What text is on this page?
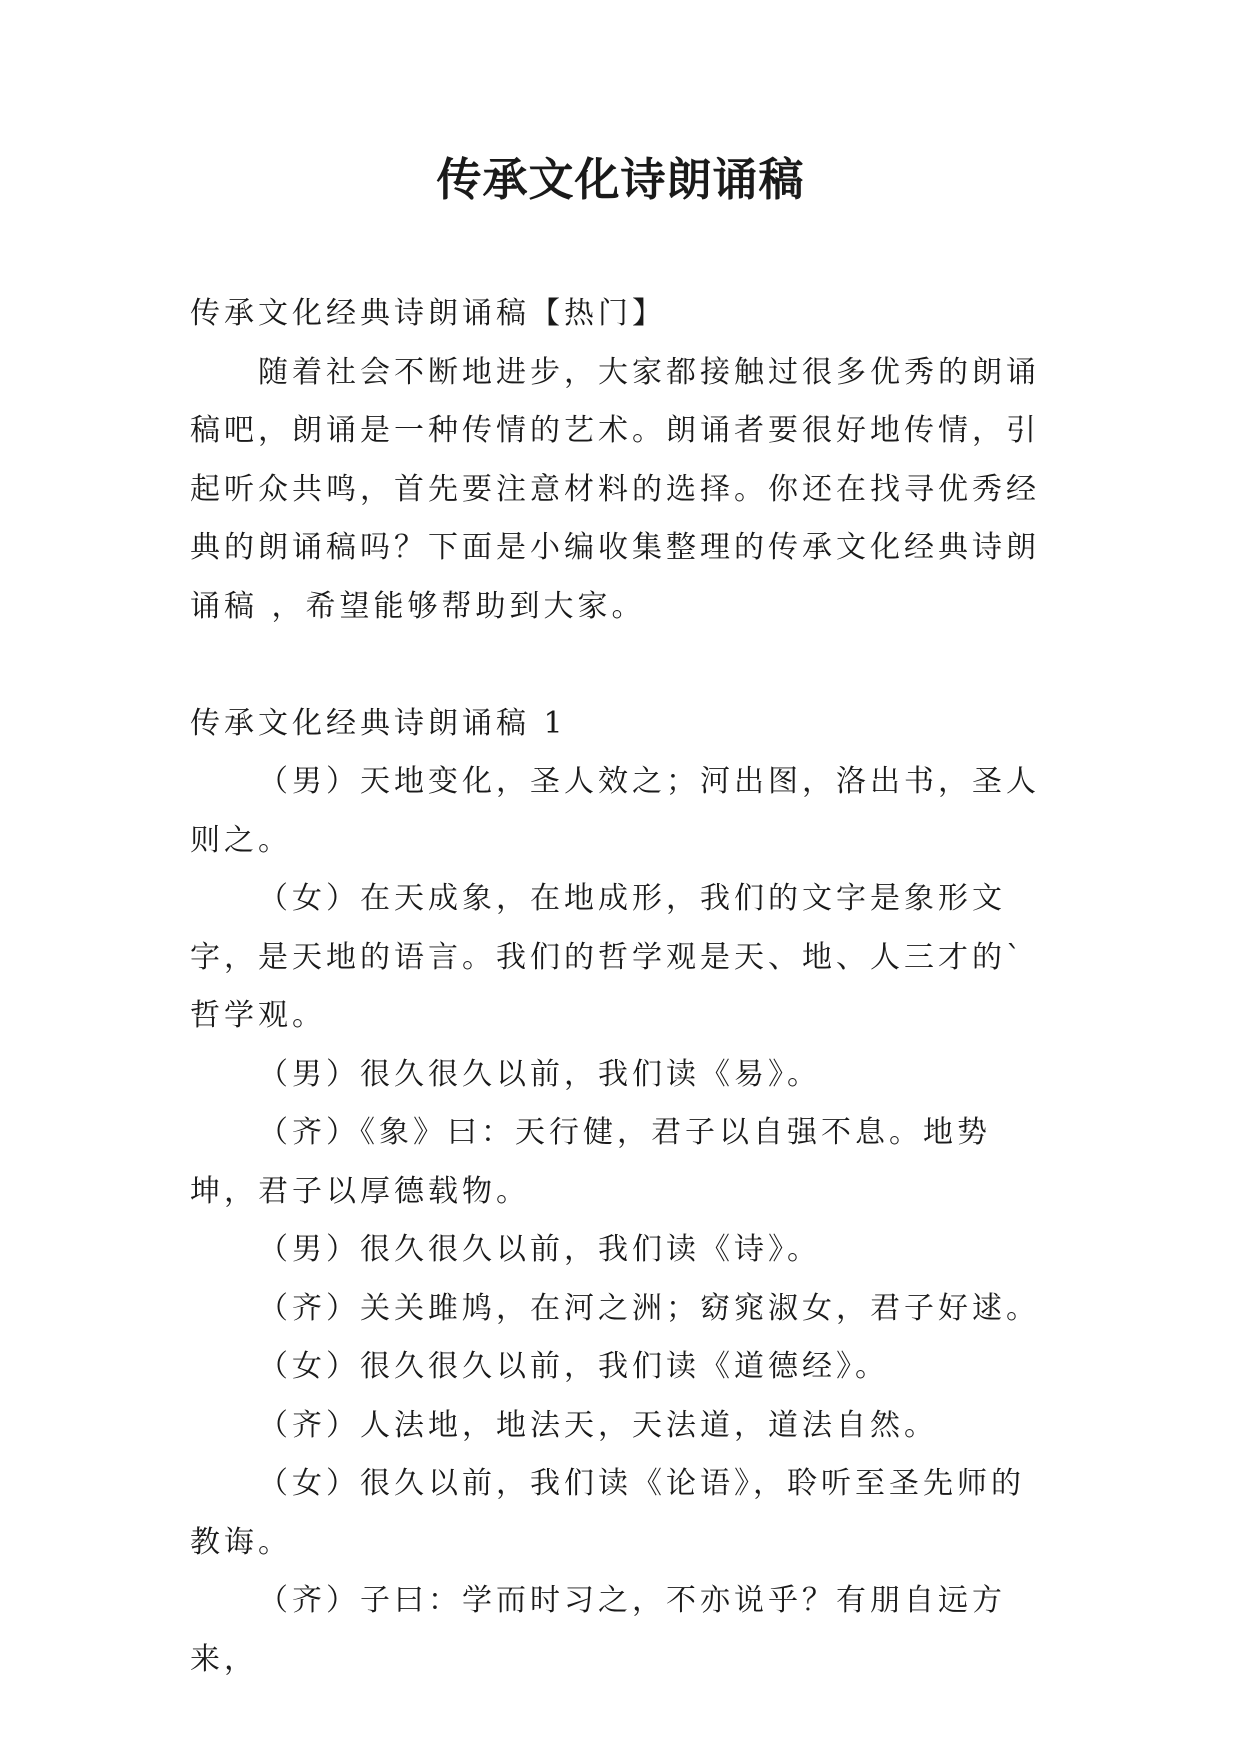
传承文化诗朗诵稿

传承文化经典诗朗诵稿【热门】

随着社会不断地进步，大家都接触过很多优秀的朗诵稿吧，朗诵是一种传情的艺术。朗诵者要很好地传情，引起听众共鸣，首先要注意材料的选择。你还在找寻优秀经典的朗诵稿吗？下面是小编收集整理的传承文化经典诗朗诵稿 ，希望能够帮助到大家。

传承文化经典诗朗诵稿 1

（男）天地变化，圣人效之；河出图，洛出书，圣人则之。

（女）在天成象，在地成形，我们的文字是象形文字，是天地的语言。我们的哲学观是天、地、人三才的`哲学观。

（男）很久很久以前，我们读《易》。

（齐）《象》曰：天行健，君子以自强不息。地势坤，君子以厚德载物。

（男）很久很久以前，我们读《诗》。

（齐）关关雎鸠，在河之洲；窈窕淑女，君子好逑。

（女）很久很久以前，我们读《道德经》。

（齐）人法地，地法天，天法道，道法自然。

（女）很久以前，我们读《论语》，聆听至圣先师的教诲。

（齐）子曰：学而时习之，不亦说乎？有朋自远方来，
